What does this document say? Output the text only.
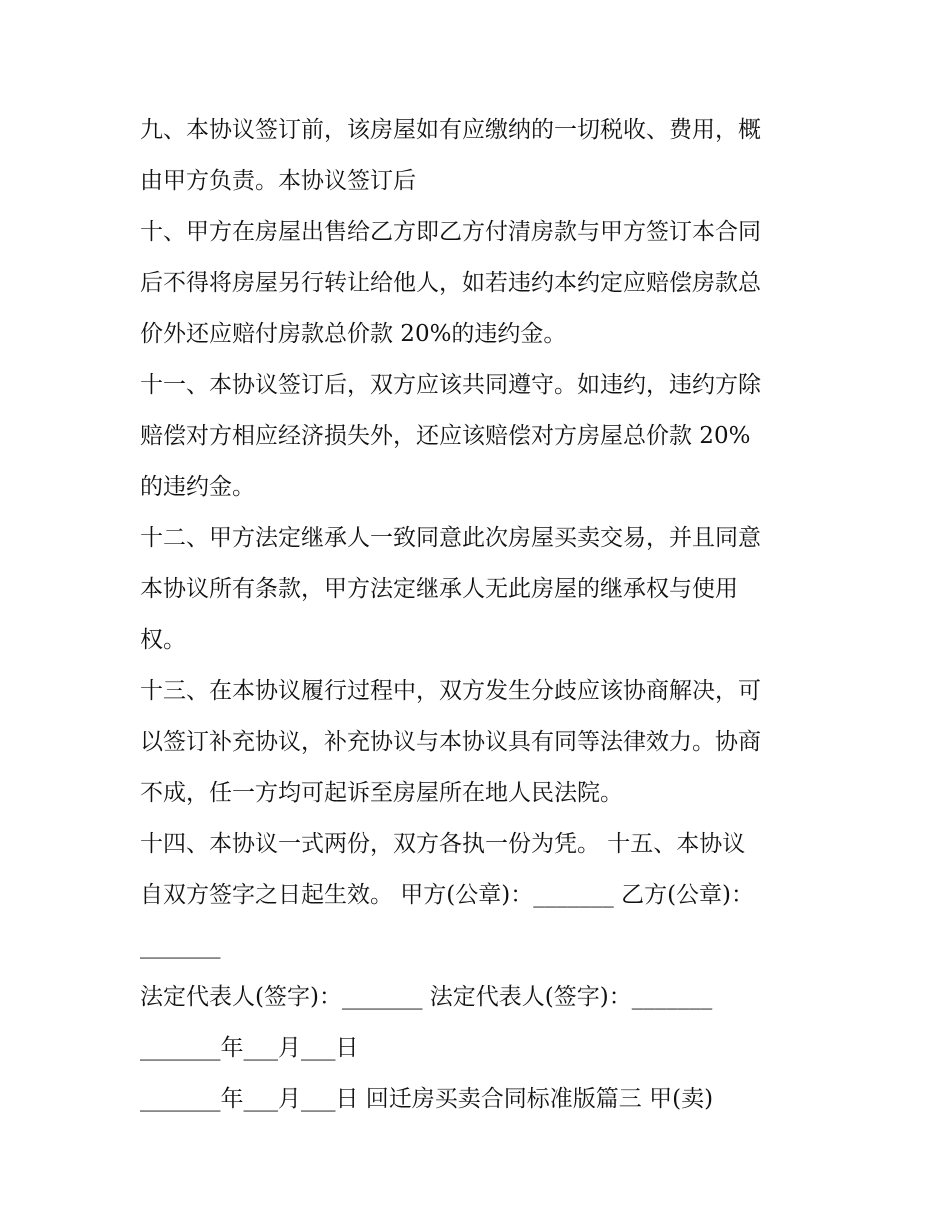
九、本协议签订前，该房屋如有应缴纳的一切税收、费用，概
由甲方负责。本协议签订后
十、甲方在房屋出售给乙方即乙方付清房款与甲方签订本合同
后不得将房屋另行转让给他人，如若违约本约定应赔偿房款总
价外还应赔付房款总价款 20%的违约金。
十一、本协议签订后，双方应该共同遵守。如违约，违约方除
赔偿对方相应经济损失外，还应该赔偿对方房屋总价款 20%
的违约金。
十二、甲方法定继承人一致同意此次房屋买卖交易，并且同意
本协议所有条款，甲方法定继承人无此房屋的继承权与使用
权。
十三、在本协议履行过程中，双方发生分歧应该协商解决，可
以签订补充协议，补充协议与本协议具有同等法律效力。协商
不成，任一方均可起诉至房屋所在地人民法院。
十四、本协议一式两份，双方各执一份为凭。 十五、本协议
自双方签字之日起生效。 甲方(公章)：_______ 乙方(公章)：
_______
法定代表人(签字)：_______ 法定代表人(签字)：_______
_______年___月___日
_______年___月___日 回迁房买卖合同标准版篇三 甲(卖)
